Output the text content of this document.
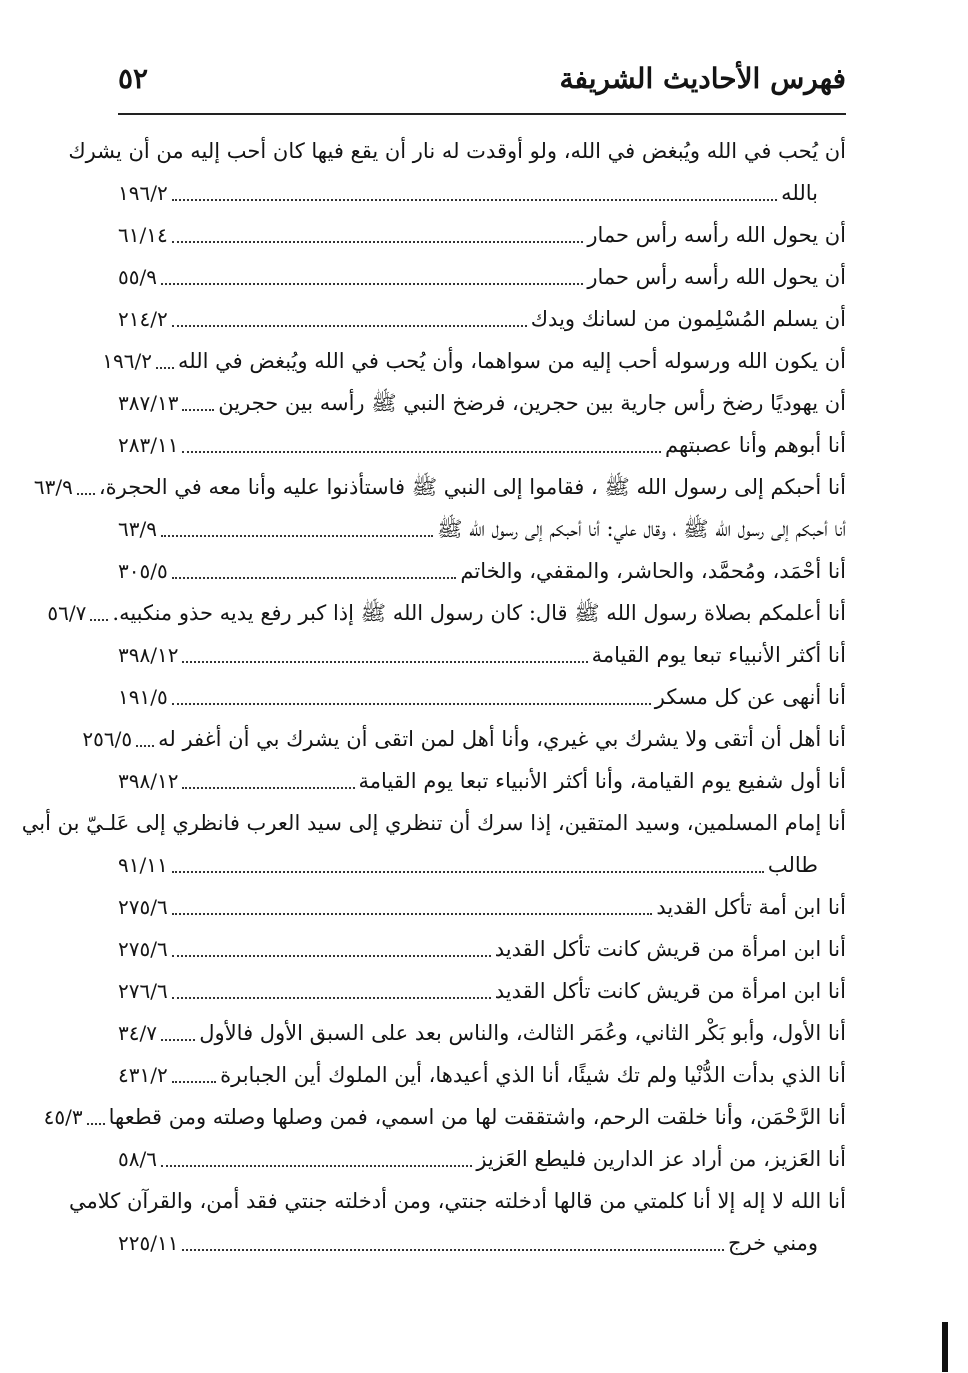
فهرس الأحاديث الشريفة
٥٢
أن يُحب في الله ويُبغض في الله، ولو أوقدت له نار أن يقع فيها كان أحب إليه من أن يشرك
بالله
١٩٦/٢
أن يحول الله رأسه رأس حمار
٦١/١٤
أن يحول الله رأسه رأس حمار
٥٥/٩
أن يسلم المُسْلِمون من لسانك ويدك
٢١٤/٢
أن يكون الله ورسوله أحب إليه من سواهما، وأن يُحب في الله ويُبغض في الله
١٩٦/٢
أن يهوديًا رضخ رأس جارية بين حجرين، فرضخ النبي ﷺ رأسه بين حجرين
٣٨٧/١٣
أنا أبوهم وأنا عصبتهم
٢٨٣/١١
أنا أحبكم إلى رسول الله ﷺ ، فقاموا إلى النبي ﷺ فاستأذنوا عليه وأنا معه في الحجرة،
٦٣/٩
أنا أحبكم إلى رسول الله ﷺ ، وقال علي: أنا أحبكم إلى رسول الله ﷺ
٦٣/٩
أنا أحْمَد، ومُحمَّد، والحاشر، والمقفي، والخاتم
٣٠٥/٥
أنا أعلمكم بصلاة رسول الله ﷺ قال: كان رسول الله ﷺ إذا كبر رفع يديه حذو منكبيه.
٥٦/٧
أنا أكثر الأنبياء تبعا يوم القيامة
٣٩٨/١٢
أنا أنهى عن كل مسكر
١٩١/٥
أنا أهل أن أتقى ولا يشرك بي غيري، وأنا أهل لمن اتقى أن يشرك بي أن أغفر له
٢٥٦/٥
أنا أول شفيع يوم القيامة، وأنا أكثر الأنبياء تبعا يوم القيامة
٣٩٨/١٢
أنا إمام المسلمين، وسيد المتقين، إذا سرك أن تنظري إلى سيد العرب فانظري إلى عَلـيّ بن أبي
طالب
٩١/١١
أنا ابن أمة تأكل القديد
٢٧٥/٦
أنا ابن امرأة من قريش كانت تأكل القديد
٢٧٥/٦
أنا ابن امرأة من قريش كانت تأكل القديد
٢٧٦/٦
أنا الأول، وأبو بَكْر الثاني، وعُمَر الثالث، والناس بعد على السبق الأول فالأول
٣٤/٧
أنا الذي بدأت الدُّنْيا ولم تك شيئًا، أنا الذي أعيدها، أين الملوك أين الجبابرة
٤٣١/٢
أنا الرَّحْمَن، وأنا خلقت الرحم، واشتققت لها من اسمي، فمن وصلها وصلته ومن قطعها
٤٥/٣
أنا العَزيز، من أراد عز الدارين فليطع العَزيز
٥٨/٦
أنا الله لا إله إلا أنا كلمتي من قالها أدخلته جنتي، ومن أدخلته جنتي فقد أمن، والقرآن كلامي
ومني خرج
٢٢٥/١١
